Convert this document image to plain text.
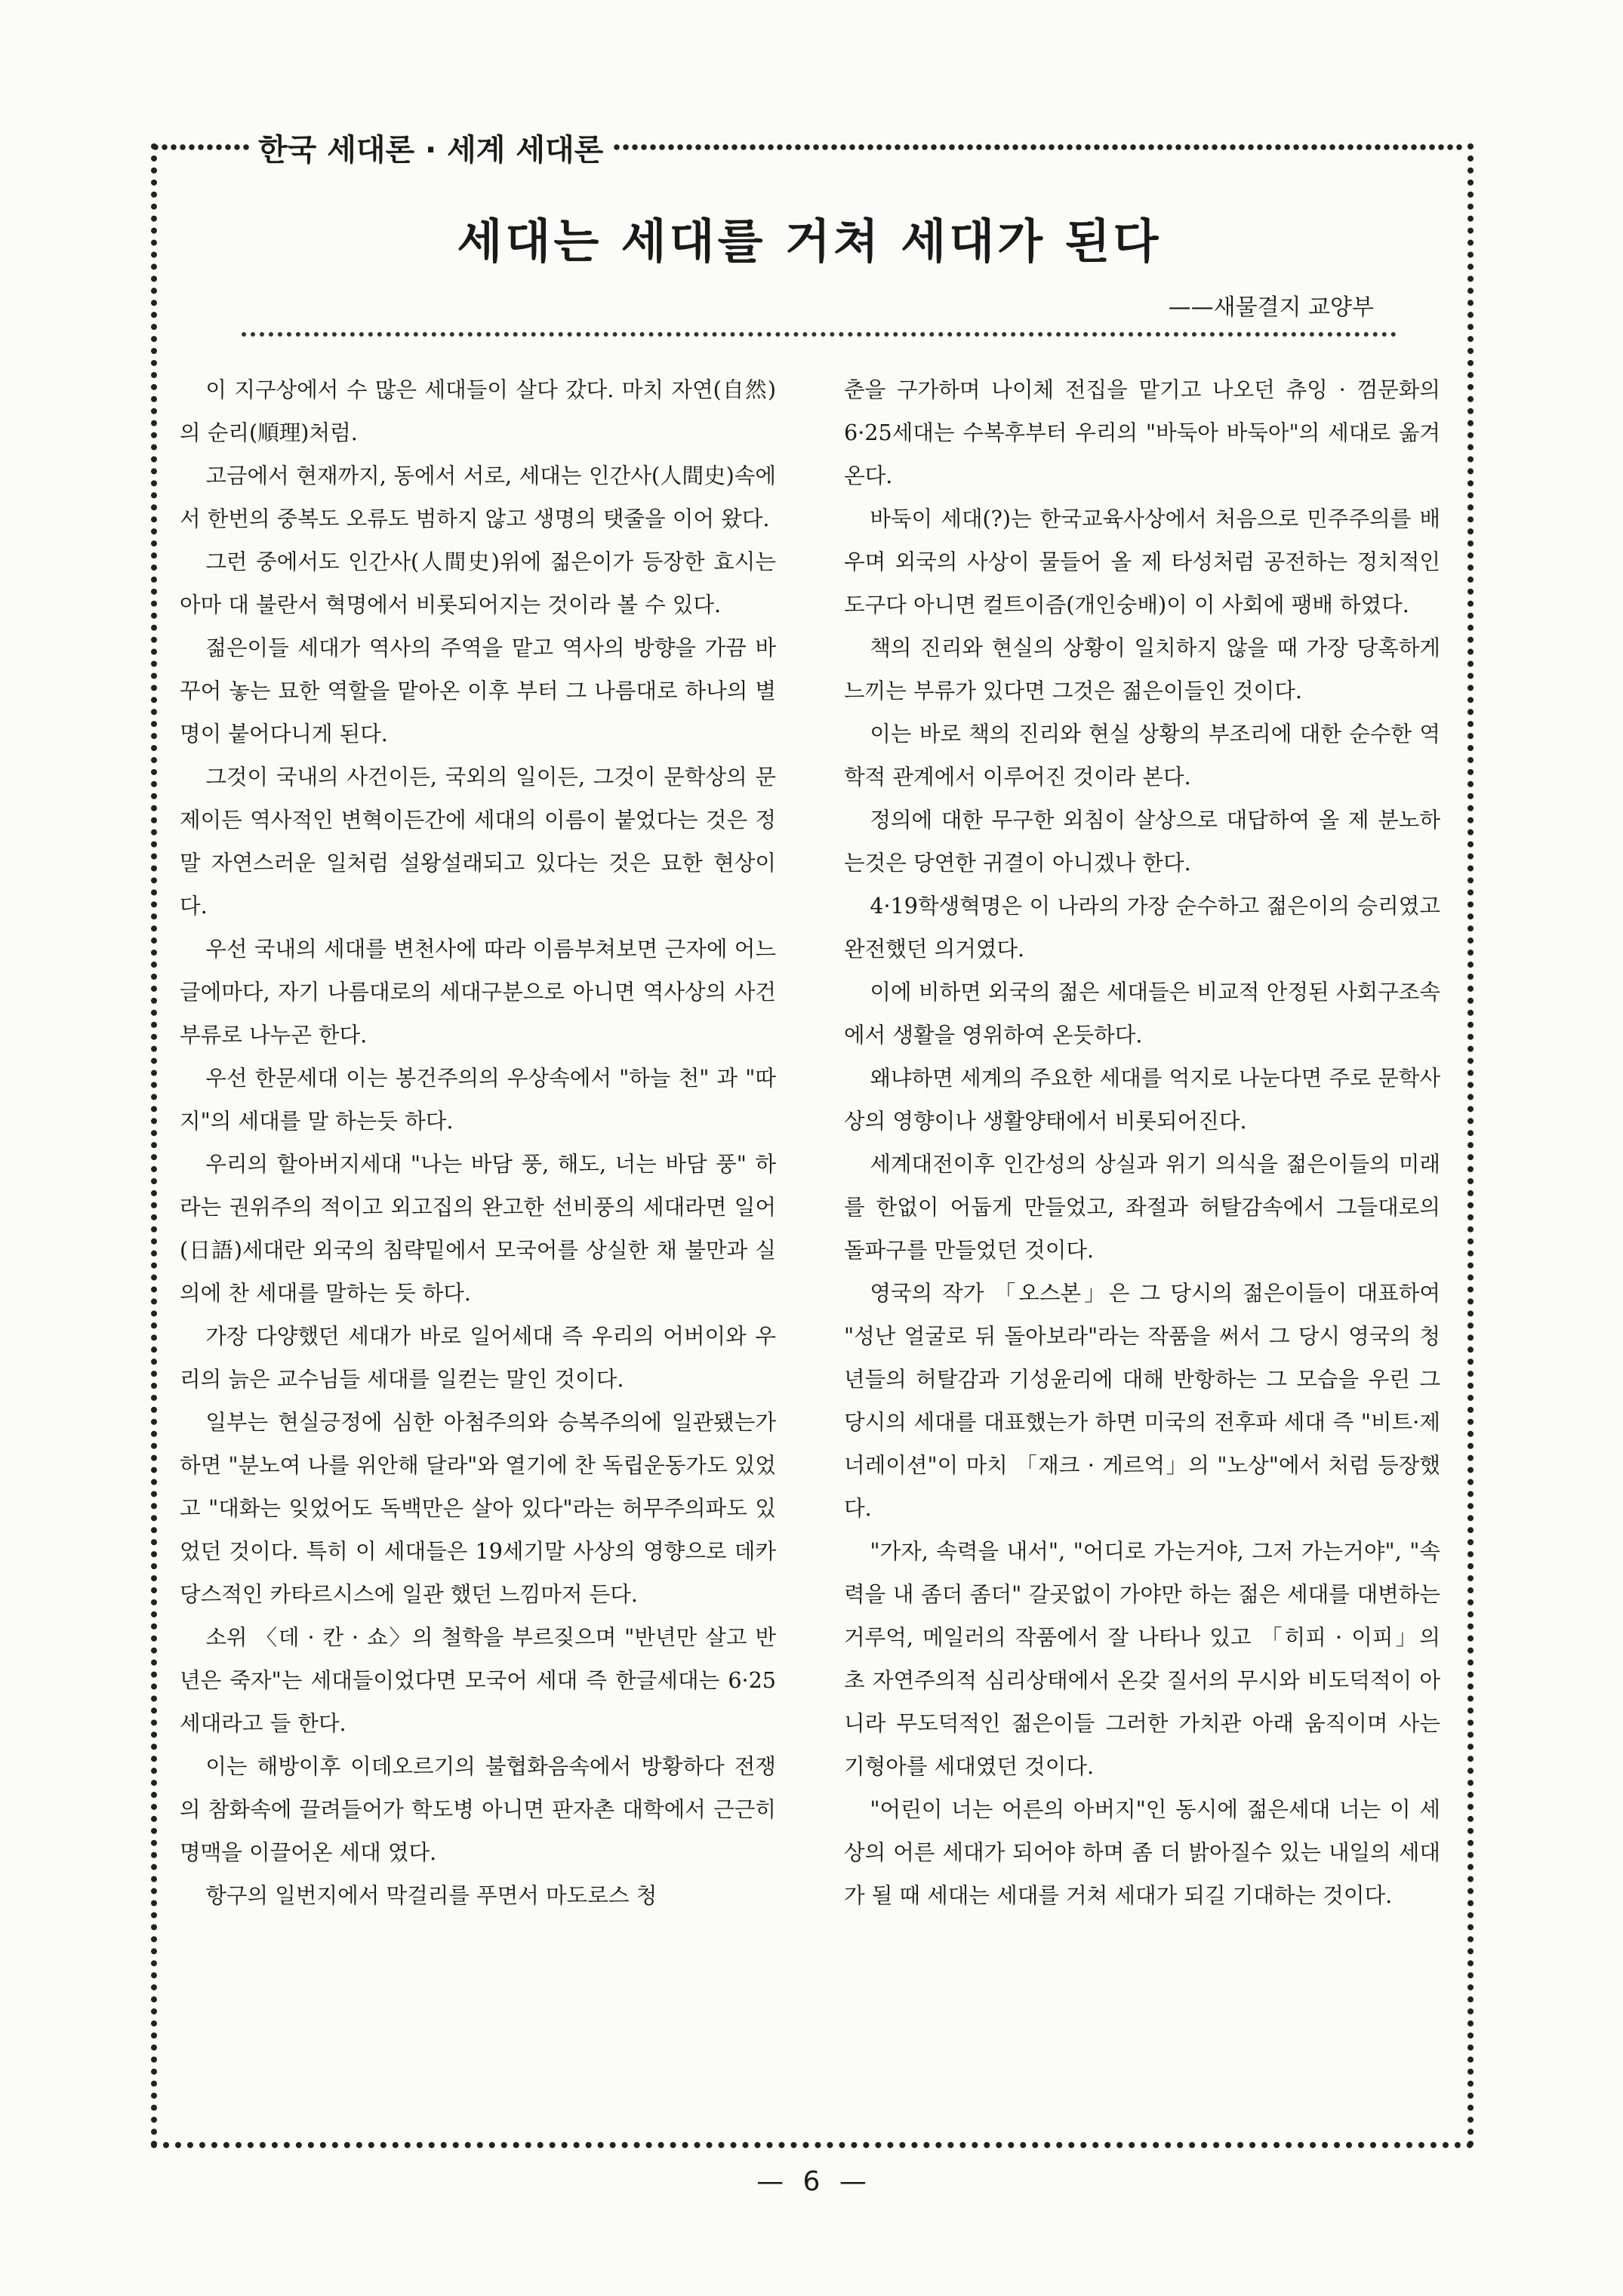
한국 세대론 · 세계 세대론
세대는 세대를 거쳐 세대가 된다
——새물결지 교양부

이 지구상에서 수 많은 세대들이 살다 갔다. 마치 자연(自然)의 순리(順理)처럼.

고금에서 현재까지, 동에서 서로, 세대는 인간사(人間史)속에서 한번의 중복도 오류도 범하지 않고 생명의 탯줄을 이어 왔다.

그런 중에서도 인간사(人間史)위에 젊은이가 등장한 효시는 아마 대 불란서 혁명에서 비롯되어지는 것이라 볼 수 있다.

젊은이들 세대가 역사의 주역을 맡고 역사의 방향을 가끔 바꾸어 놓는 묘한 역할을 맡아온 이후 부터 그 나름대로 하나의 별명이 붙어다니게 된다.

그것이 국내의 사건이든, 국외의 일이든, 그것이 문학상의 문제이든 역사적인 변혁이든간에 세대의 이름이 붙었다는 것은 정말 자연스러운 일처럼 설왕설래되고 있다는 것은 묘한 현상이다.

우선 국내의 세대를 변천사에 따라 이름부쳐보면 근자에 어느 글에마다, 자기 나름대로의 세대구분으로 아니면 역사상의 사건부류로 나누곤 한다.

우선 한문세대 이는 봉건주의의 우상속에서 "하늘 천" 과 "따지"의 세대를 말 하는듯 하다.

우리의 할아버지세대 "나는 바담 풍, 해도, 너는 바담 풍" 하라는 권위주의 적이고 외고집의 완고한 선비풍의 세대라면 일어(日語)세대란 외국의 침략밑에서 모국어를 상실한 채 불만과 실의에 찬 세대를 말하는 듯 하다.

가장 다양했던 세대가 바로 일어세대 즉 우리의 어버이와 우리의 늙은 교수님들 세대를 일컫는 말인 것이다.

일부는 현실긍정에 심한 아첨주의와 승복주의에 일관됐는가 하면 "분노여 나를 위안해 달라"와 열기에 찬 독립운동가도 있었고 "대화는 잊었어도 독백만은 살아 있다"라는 허무주의파도 있었던 것이다. 특히 이 세대들은 19세기말 사상의 영향으로 데카당스적인 카타르시스에 일관 했던 느낌마저 든다.

소위 〈데 · 칸 · 쇼〉의 철학을 부르짖으며 "반년만 살고 반년은 죽자"는 세대들이었다면 모국어 세대 즉 한글세대는 6·25세대라고 들 한다.

이는 해방이후 이데오르기의 불협화음속에서 방황하다 전쟁의 참화속에 끌려들어가 학도병 아니면 판자촌 대학에서 근근히 명맥을 이끌어온 세대 였다.

항구의 일번지에서 막걸리를 푸면서 마도로스 청

춘을 구가하며 나이체 전집을 맡기고 나오던 츄잉 · 껌문화의 6·25세대는 수복후부터 우리의 "바둑아 바둑아"의 세대로 옮겨 온다.

바둑이 세대(?)는 한국교육사상에서 처음으로 민주주의를 배우며 외국의 사상이 물들어 올 제 타성처럼 공전하는 정치적인 도구다 아니면 컬트이즘(개인숭배)이 이 사회에 팽배 하였다.

책의 진리와 현실의 상황이 일치하지 않을 때 가장 당혹하게 느끼는 부류가 있다면 그것은 젊은이들인 것이다.

이는 바로 책의 진리와 현실 상황의 부조리에 대한 순수한 역학적 관계에서 이루어진 것이라 본다.

정의에 대한 무구한 외침이 살상으로 대답하여 올 제 분노하는것은 당연한 귀결이 아니겠나 한다.

4·19학생혁명은 이 나라의 가장 순수하고 젊은이의 승리였고 완전했던 의거였다.

이에 비하면 외국의 젊은 세대들은 비교적 안정된 사회구조속에서 생활을 영위하여 온듯하다.

왜냐하면 세계의 주요한 세대를 억지로 나눈다면 주로 문학사상의 영향이나 생활양태에서 비롯되어진다.

세계대전이후 인간성의 상실과 위기 의식을 젊은이들의 미래를 한없이 어둡게 만들었고, 좌절과 허탈감속에서 그들대로의 돌파구를 만들었던 것이다.

영국의 작가 「오스본」은 그 당시의 젊은이들이 대표하여 "성난 얼굴로 뒤 돌아보라"라는 작품을 써서 그 당시 영국의 청년들의 허탈감과 기성윤리에 대해 반항하는 그 모습을 우린 그 당시의 세대를 대표했는가 하면 미국의 전후파 세대 즉 "비트·제너레이션"이 마치 「재크 · 게르억」의 "노상"에서 처럼 등장했다.

"가자, 속력을 내서", "어디로 가는거야, 그저 가는거야", "속력을 내 좀더 좀더" 갈곳없이 가야만 하는 젊은 세대를 대변하는 거루억, 메일러의 작품에서 잘 나타나 있고 「히피 · 이피」의 초 자연주의적 심리상태에서 온갖 질서의 무시와 비도덕적이 아니라 무도덕적인 젊은이들 그러한 가치관 아래 움직이며 사는 기형아를 세대였던 것이다.

"어린이 너는 어른의 아버지"인 동시에 젊은세대 너는 이 세상의 어른 세대가 되어야 하며 좀 더 밝아질수 있는 내일의 세대가 될 때 세대는 세대를 거쳐 세대가 되길 기대하는 것이다.

— 6 —
